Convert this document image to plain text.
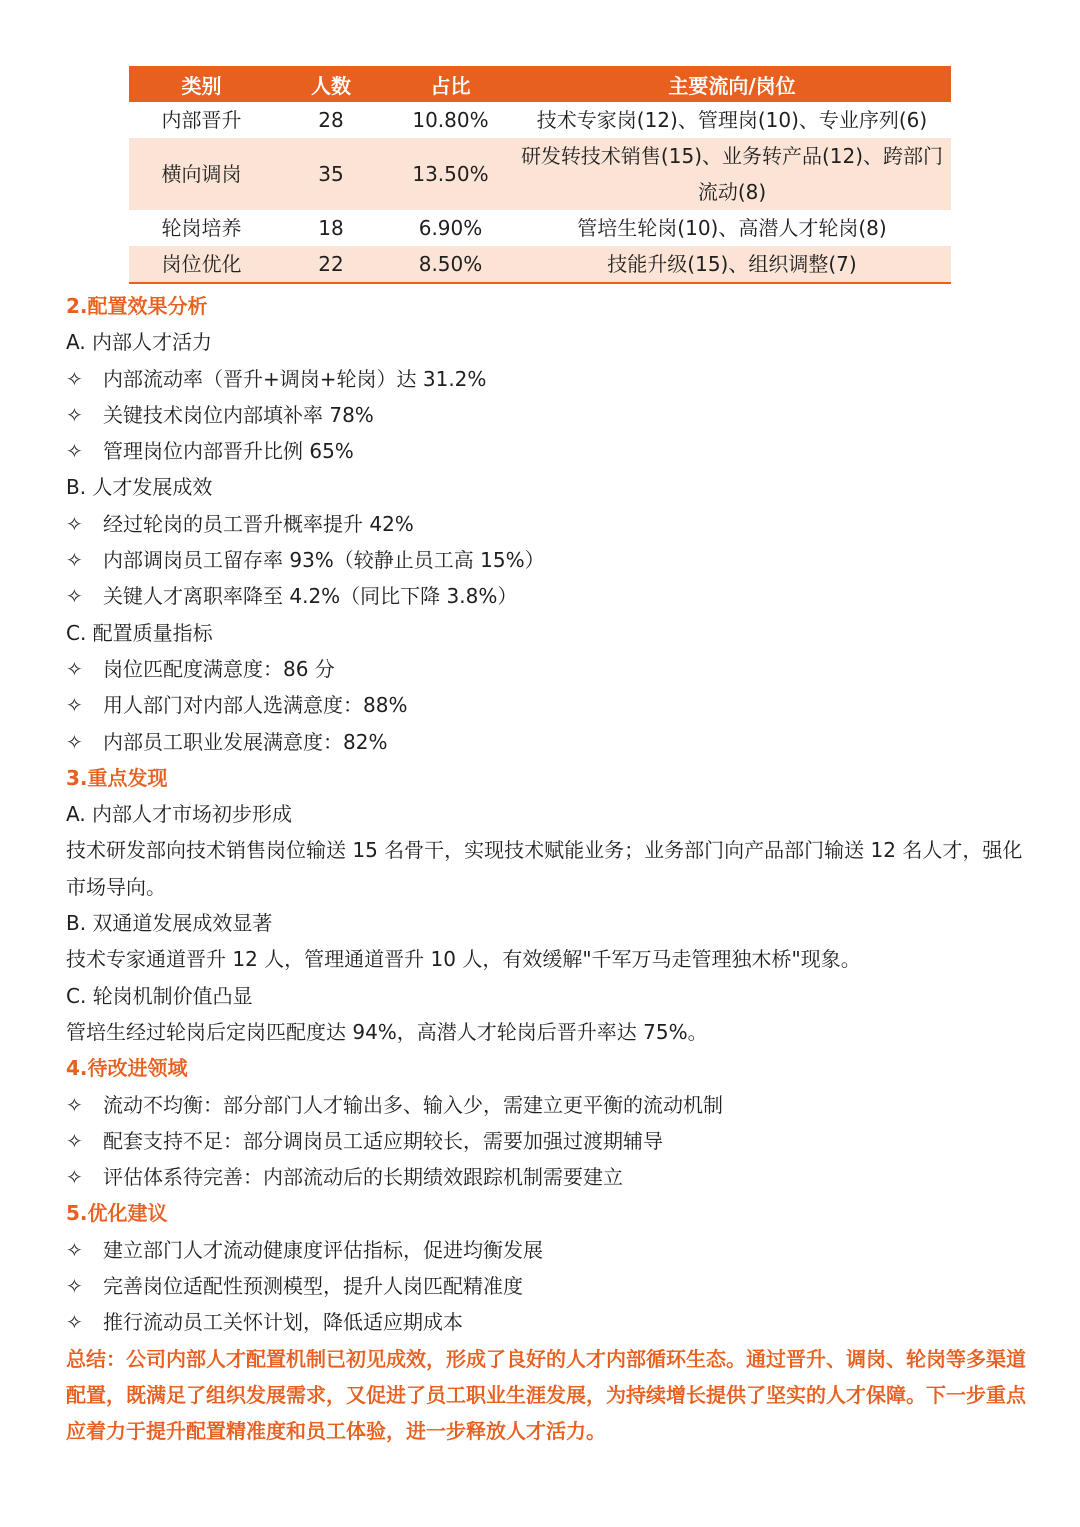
类别	人数	占比	主要流向/岗位
内部晋升	28	10.80%	技术专家岗(12)、管理岗(10)、专业序列(6)
横向调岗	35	13.50%	研发转技术销售(15)、业务转产品(12)、跨部门流动(8)
轮岗培养	18	6.90%	管培生轮岗(10)、高潜人才轮岗(8)
岗位优化	22	8.50%	技能升级(15)、组织调整(7)
2.配置效果分析
A. 内部人才活力
✧ 内部流动率（晋升+调岗+轮岗）达 31.2%
✧ 关键技术岗位内部填补率 78%
✧ 管理岗位内部晋升比例 65%
B. 人才发展成效
✧ 经过轮岗的员工晋升概率提升 42%
✧ 内部调岗员工留存率 93%（较静止员工高 15%）
✧ 关键人才离职率降至 4.2%（同比下降 3.8%）
C. 配置质量指标
✧ 岗位匹配度满意度：86 分
✧ 用人部门对内部人选满意度：88%
✧ 内部员工职业发展满意度：82%
3.重点发现
A. 内部人才市场初步形成
技术研发部向技术销售岗位输送 15 名骨干，实现技术赋能业务；业务部门向产品部门输送 12 名人才，强化市场导向。
B. 双通道发展成效显著
技术专家通道晋升 12 人，管理通道晋升 10 人，有效缓解"千军万马走管理独木桥"现象。
C. 轮岗机制价值凸显
管培生经过轮岗后定岗匹配度达 94%，高潜人才轮岗后晋升率达 75%。
4.待改进领域
✧ 流动不均衡：部分部门人才输出多、输入少，需建立更平衡的流动机制
✧ 配套支持不足：部分调岗员工适应期较长，需要加强过渡期辅导
✧ 评估体系待完善：内部流动后的长期绩效跟踪机制需要建立
5.优化建议
✧ 建立部门人才流动健康度评估指标，促进均衡发展
✧ 完善岗位适配性预测模型，提升人岗匹配精准度
✧ 推行流动员工关怀计划，降低适应期成本
总结：公司内部人才配置机制已初见成效，形成了良好的人才内部循环生态。通过晋升、调岗、轮岗等多渠道配置，既满足了组织发展需求，又促进了员工职业生涯发展，为持续增长提供了坚实的人才保障。下一步重点应着力于提升配置精准度和员工体验，进一步释放人才活力。
